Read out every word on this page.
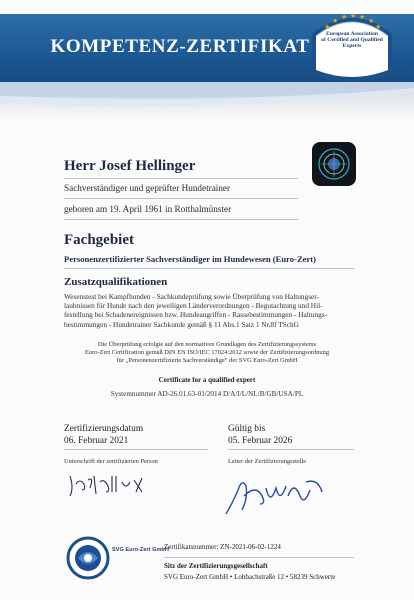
KOMPETENZ-ZERTIFIKAT
★
★
★ ★ ★
★
★
European Association
of Certified and Qualified
Experts
Herr Josef Hellinger
Sachverständiger und geprüfter Hundetrainer
geboren am 19. April 1961 in Rotthalmünster
Fachgebiet
Personenzertifizierter Sachverständiger im Hundewesen (Euro-Zert)
Zusatzqualifikationen
Wesenstest bei Kampfhunden - Sachkundeprüfung sowie Überprüfung von Haltungser-
laubnissen für Hunde nach den jeweiligen Länderverordnungen - Begutachtung und Hil-
festellung bei Schadenereignissen bzw. Hundeangriffen - Rassebestimmungen - Haltungs-
bestimmungen - Hundetrainer Sachkunde gemäß § 11 Abs.1 Satz 1 Nr.8f TSchG
Die Überprüfung erfolgte auf den normativen Grundlagen des Zertifizierungssystems
Euro-Zert Certification gemäß DIN EN ISO/IEC 17024:2012 sowie der Zertifizierungsordnung
für „Personenzertifizierte Sachverständige“ der SVG Euro-Zert GmbH
Certificate for a qualified expert
Systemnummer AD-26.01.63-01/2014 D/A/I/L/NL/B/GB/USA/PL
Zertifizierungsdatum
06. Februar 2021
Gültig bis
05. Februar 2026
Unterschrift der zertifizierten Person	Leiter der Zertifizierungsstelle
SVG Euro-Zert GmbH
Zertifikatsnummer: ZN-2021-06-02-1224
Sitz der Zertifizierungsgesellschaft
SVG Euro-Zert GmbH • Lohbachstraße 12 • 58239 Schwerte
